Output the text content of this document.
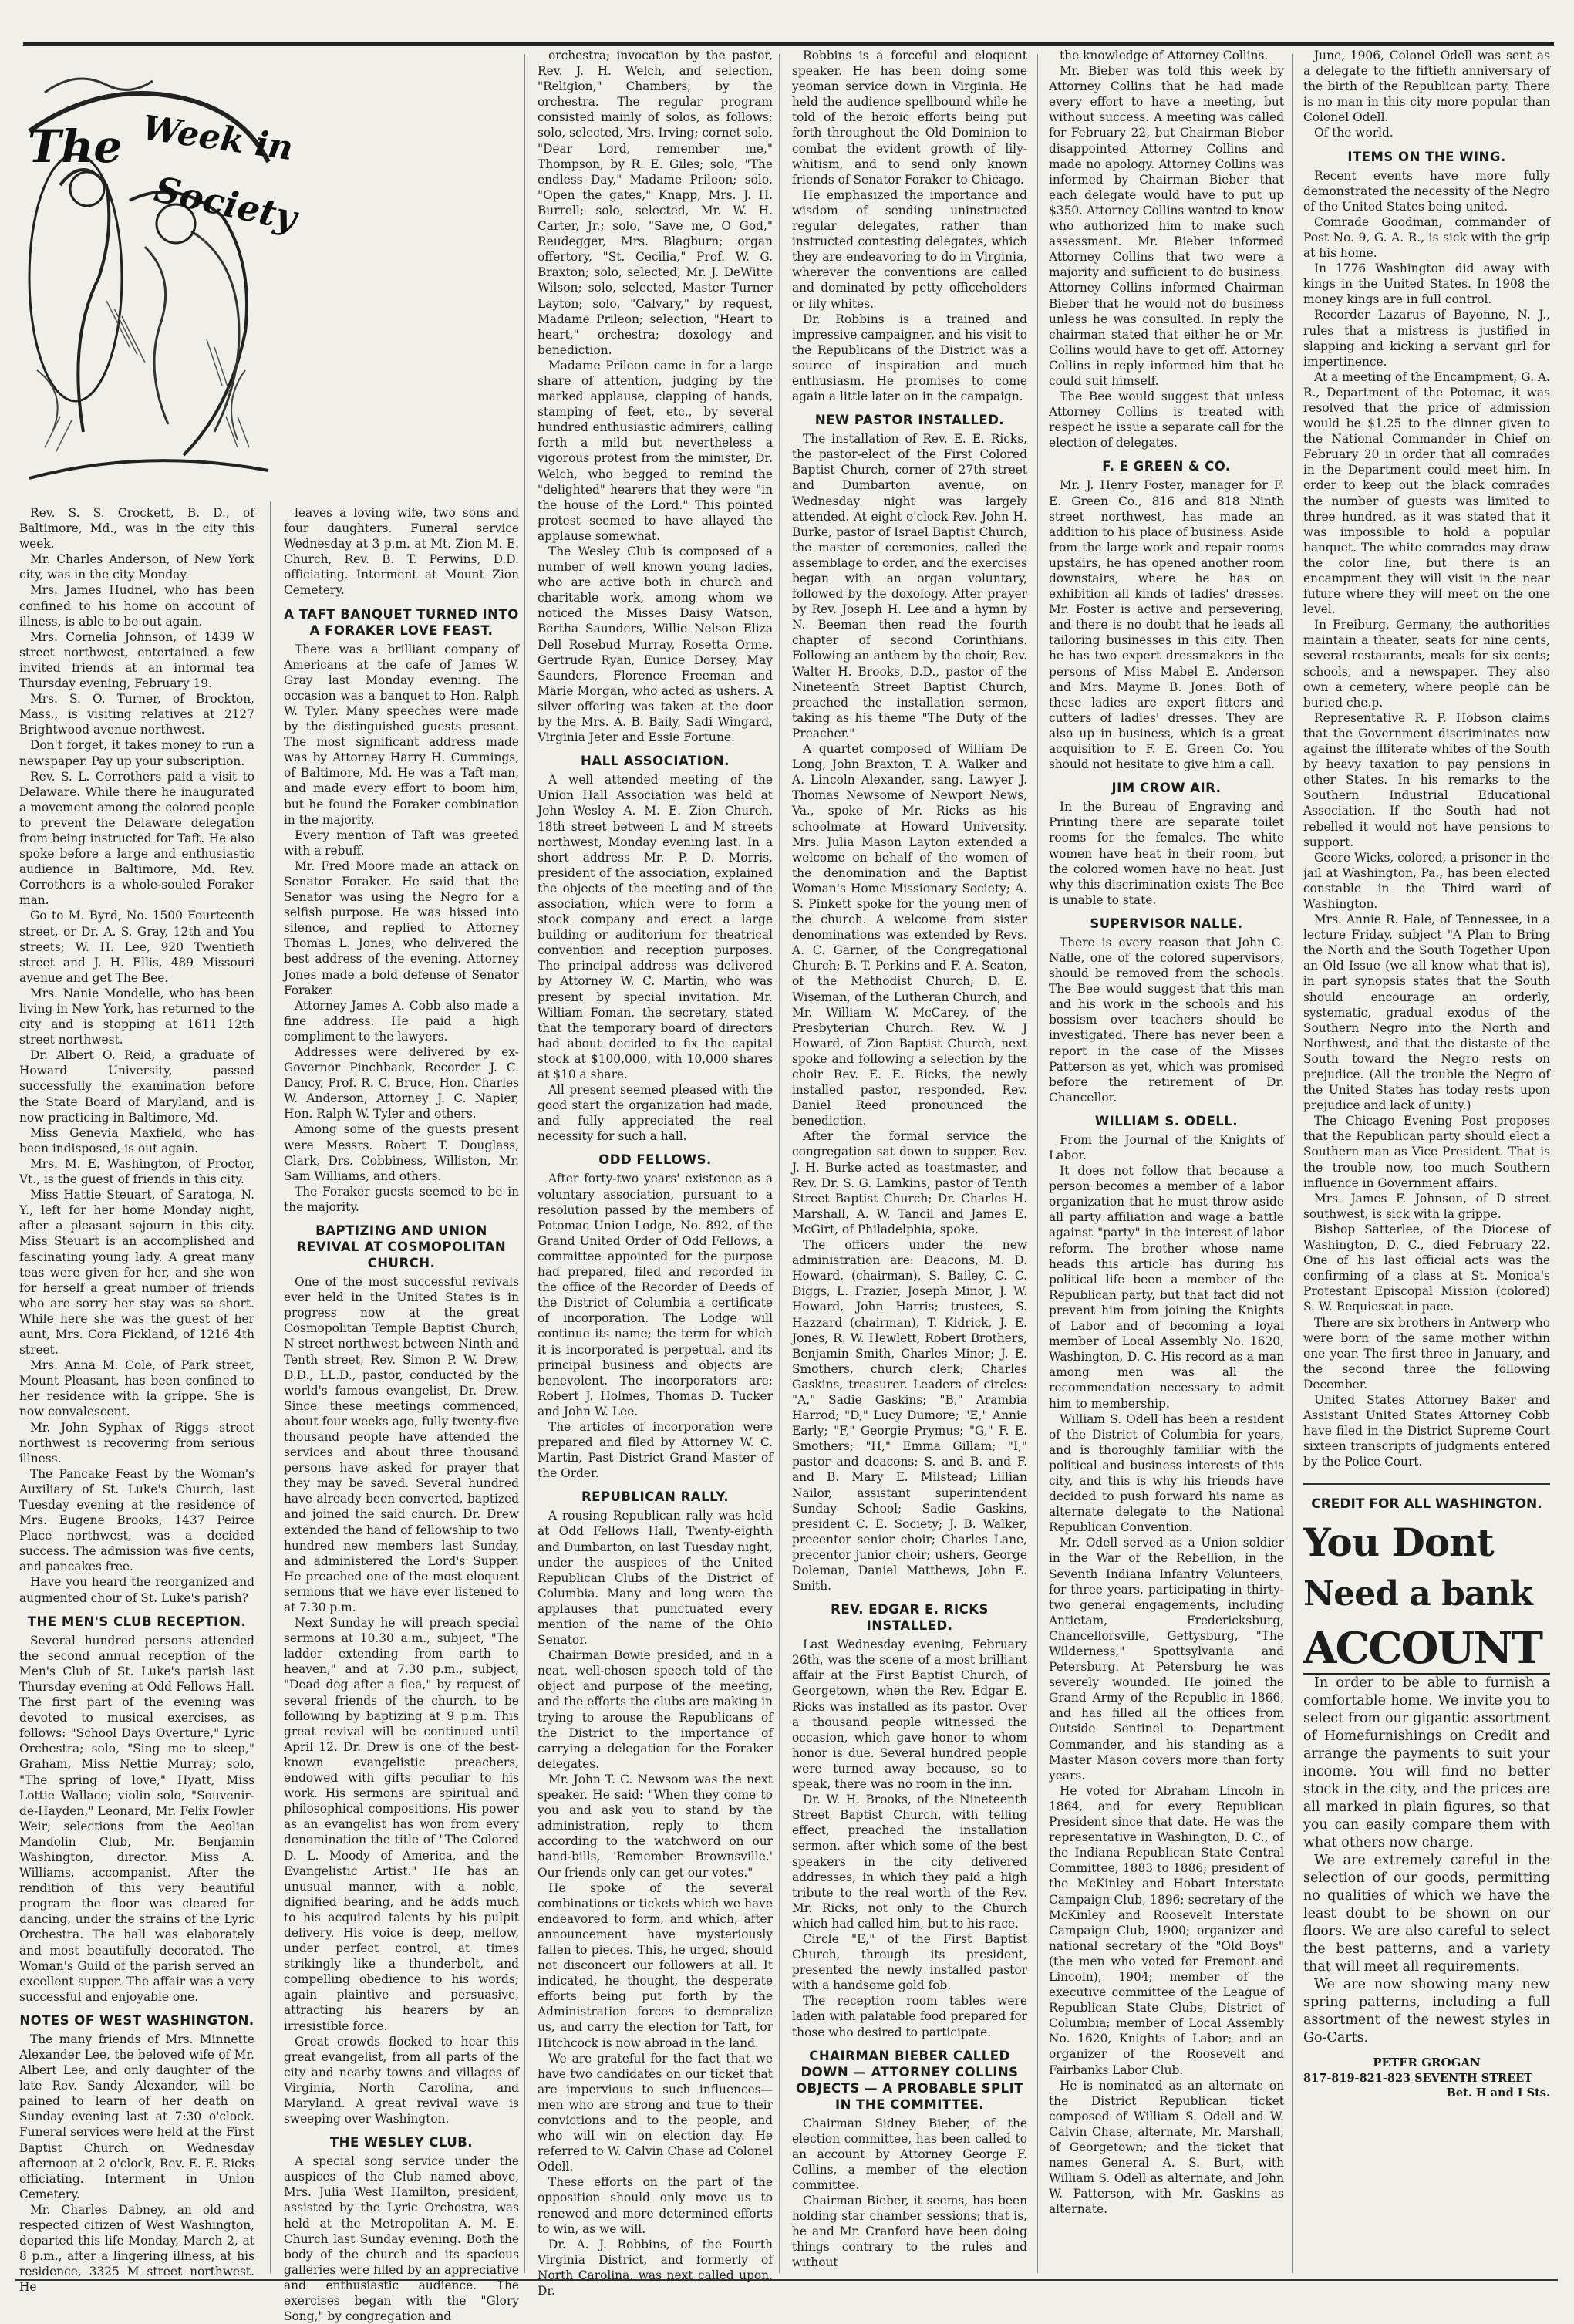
The Week in
Society

Rev. S. S. Crockett, B. D., of Baltimore, Md., was in the city this week.

Mr. Charles Anderson, of New York city, was in the city Monday.

Mrs. James Hudnel, who has been confined to his home on account of illness, is able to be out again.

Mrs. Cornelia Johnson, of 1439 W street northwest, entertained a few invited friends at an informal tea Thursday evening, February 19.

Mrs. S. O. Turner, of Brockton, Mass., is visiting relatives at 2127 Brightwood avenue northwest.

Don't forget, it takes money to run a newspaper. Pay up your subscription.

Rev. S. L. Corrothers paid a visit to Delaware. While there he inaugurated a movement among the colored people to prevent the Delaware delegation from being instructed for Taft. He also spoke before a large and enthusiastic audience in Baltimore, Md. Rev. Corrothers is a whole-souled Foraker man.

Go to M. Byrd, No. 1500 Fourteenth street, or Dr. A. S. Gray, 12th and You streets; W. H. Lee, 920 Twentieth street and J. H. Ellis, 489 Missouri avenue and get The Bee.

Mrs. Nanie Mondelle, who has been living in New York, has returned to the city and is stopping at 1611 12th street northwest.

Dr. Albert O. Reid, a graduate of Howard University, passed successfully the examination before the State Board of Maryland, and is now practicing in Baltimore, Md.

Miss Genevia Maxfield, who has been indisposed, is out again.

Mrs. M. E. Washington, of Proctor, Vt., is the guest of friends in this city.

Miss Hattie Steuart, of Saratoga, N. Y., left for her home Monday night, after a pleasant sojourn in this city. Miss Steuart is an accomplished and fascinating young lady. A great many teas were given for her, and she won for herself a great number of friends who are sorry her stay was so short. While here she was the guest of her aunt, Mrs. Cora Fickland, of 1216 4th street.

Mrs. Anna M. Cole, of Park street, Mount Pleasant, has been confined to her residence with la grippe. She is now convalescent.

Mr. John Syphax of Riggs street northwest is recovering from serious illness.

The Pancake Feast by the Woman's Auxiliary of St. Luke's Church, last Tuesday evening at the residence of Mrs. Eugene Brooks, 1437 Peirce Place northwest, was a decided success. The admission was five cents, and pancakes free.

Have you heard the reorganized and augmented choir of St. Luke's parish?

THE MEN'S CLUB RECEPTION.

Several hundred persons attended the second annual reception of the Men's Club of St. Luke's parish last Thursday evening at Odd Fellows Hall. The first part of the evening was devoted to musical exercises, as follows: "School Days Overture," Lyric Orchestra; solo, "Sing me to sleep," Graham, Miss Nettie Murray; solo, "The spring of love," Hyatt, Miss Lottie Wallace; violin solo, "Souvenir-de-Hayden," Leonard, Mr. Felix Fowler Weir; selections from the Aeolian Mandolin Club, Mr. Benjamin Washington, director. Miss A. Williams, accompanist. After the rendition of this very beautiful program the floor was cleared for dancing, under the strains of the Lyric Orchestra. The hall was elaborately and most beautifully decorated. The Woman's Guild of the parish served an excellent supper. The affair was a very successful and enjoyable one.

NOTES OF WEST WASHINGTON.

The many friends of Mrs. Minnette Alexander Lee, the beloved wife of Mr. Albert Lee, and only daughter of the late Rev. Sandy Alexander, will be pained to learn of her death on Sunday evening last at 7:30 o'clock. Funeral services were held at the First Baptist Church on Wednesday afternoon at 2 o'clock, Rev. E. E. Ricks officiating. Interment in Union Cemetery.

Mr. Charles Dabney, an old and respected citizen of West Washington, departed this life Monday, March 2, at 8 p.m., after a lingering illness, at his residence, 3325 M street northwest. He

leaves a loving wife, two sons and four daughters. Funeral service Wednesday at 3 p.m. at Mt. Zion M. E. Church, Rev. B. T. Perwins, D.D. officiating. Interment at Mount Zion Cemetery.

A TAFT BANQUET TURNED INTO A FORAKER LOVE FEAST.

There was a brilliant company of Americans at the cafe of James W. Gray last Monday evening. The occasion was a banquet to Hon. Ralph W. Tyler. Many speeches were made by the distinguished guests present. The most significant address made was by Attorney Harry H. Cummings, of Baltimore, Md. He was a Taft man, and made every effort to boom him, but he found the Foraker combination in the majority.

Every mention of Taft was greeted with a rebuff.

Mr. Fred Moore made an attack on Senator Foraker. He said that the Senator was using the Negro for a selfish purpose. He was hissed into silence, and replied to Attorney Thomas L. Jones, who delivered the best address of the evening. Attorney Jones made a bold defense of Senator Foraker.

Attorney James A. Cobb also made a fine address. He paid a high compliment to the lawyers.

Addresses were delivered by ex-Governor Pinchback, Recorder J. C. Dancy, Prof. R. C. Bruce, Hon. Charles W. Anderson, Attorney J. C. Napier, Hon. Ralph W. Tyler and others.

Among some of the guests present were Messrs. Robert T. Douglass, Clark, Drs. Cobbiness, Williston, Mr. Sam Williams, and others.

The Foraker guests seemed to be in the majority.

BAPTIZING AND UNION REVIVAL AT COSMOPOLITAN CHURCH.

One of the most successful revivals ever held in the United States is in progress now at the great Cosmopolitan Temple Baptist Church, N street northwest between Ninth and Tenth street, Rev. Simon P. W. Drew, D.D., LL.D., pastor, conducted by the world's famous evangelist, Dr. Drew. Since these meetings commenced, about four weeks ago, fully twenty-five thousand people have attended the services and about three thousand persons have asked for prayer that they may be saved. Several hundred have already been converted, baptized and joined the said church. Dr. Drew extended the hand of fellowship to two hundred new members last Sunday, and administered the Lord's Supper. He preached one of the most eloquent sermons that we have ever listened to at 7.30 p.m.

Next Sunday he will preach special sermons at 10.30 a.m., subject, "The ladder extending from earth to heaven," and at 7.30 p.m., subject, "Dead dog after a flea," by request of several friends of the church, to be following by baptizing at 9 p.m. This great revival will be continued until April 12. Dr. Drew is one of the best-known evangelistic preachers, endowed with gifts peculiar to his work. His sermons are spiritual and philosophical compositions. His power as an evangelist has won from every denomination the title of "The Colored D. L. Moody of America, and the Evangelistic Artist." He has an unusual manner, with a noble, dignified bearing, and he adds much to his acquired talents by his pulpit delivery. His voice is deep, mellow, under perfect control, at times strikingly like a thunderbolt, and compelling obedience to his words; again plaintive and persuasive, attracting his hearers by an irresistible force.

Great crowds flocked to hear this great evangelist, from all parts of the city and nearby towns and villages of Virginia, North Carolina, and Maryland. A great revival wave is sweeping over Washington.

THE WESLEY CLUB.

A special song service under the auspices of the Club named above, Mrs. Julia West Hamilton, president, assisted by the Lyric Orchestra, was held at the Metropolitan A. M. E. Church last Sunday evening. Both the body of the church and its spacious galleries were filled by an appreciative and enthusiastic audience. The exercises began with the "Glory Song," by congregation and

orchestra; invocation by the pastor, Rev. J. H. Welch, and selection, "Religion," Chambers, by the orchestra. The regular program consisted mainly of solos, as follows: solo, selected, Mrs. Irving; cornet solo, "Dear Lord, remember me," Thompson, by R. E. Giles; solo, "The endless Day," Madame Prileon; solo, "Open the gates," Knapp, Mrs. J. H. Burrell; solo, selected, Mr. W. H. Carter, Jr.; solo, "Save me, O God," Reudegger, Mrs. Blagburn; organ offertory, "St. Cecilia," Prof. W. G. Braxton; solo, selected, Mr. J. DeWitte Wilson; solo, selected, Master Turner Layton; solo, "Calvary," by request, Madame Prileon; selection, "Heart to heart," orchestra; doxology and benediction.

Madame Prileon came in for a large share of attention, judging by the marked applause, clapping of hands, stamping of feet, etc., by several hundred enthusiastic admirers, calling forth a mild but nevertheless a vigorous protest from the minister, Dr. Welch, who begged to remind the "delighted" hearers that they were "in the house of the Lord." This pointed protest seemed to have allayed the applause somewhat.

The Wesley Club is composed of a number of well known young ladies, who are active both in church and charitable work, among whom we noticed the Misses Daisy Watson, Bertha Saunders, Willie Nelson Eliza Dell Rosebud Murray, Rosetta Orme, Gertrude Ryan, Eunice Dorsey, May Saunders, Florence Freeman and Marie Morgan, who acted as ushers. A silver offering was taken at the door by the Mrs. A. B. Baily, Sadi Wingard, Virginia Jeter and Essie Fortune.

HALL ASSOCIATION.

A well attended meeting of the Union Hall Association was held at John Wesley A. M. E. Zion Church, 18th street between L and M streets northwest, Monday evening last. In a short address Mr. P. D. Morris, president of the association, explained the objects of the meeting and of the association, which were to form a stock company and erect a large building or auditorium for theatrical convention and reception purposes. The principal address was delivered by Attorney W. C. Martin, who was present by special invitation. Mr. William Foman, the secretary, stated that the temporary board of directors had about decided to fix the capital stock at $100,000, with 10,000 shares at $10 a share.

All present seemed pleased with the good start the organization had made, and fully appreciated the real necessity for such a hall.

ODD FELLOWS.

After forty-two years' existence as a voluntary association, pursuant to a resolution passed by the members of Potomac Union Lodge, No. 892, of the Grand United Order of Odd Fellows, a committee appointed for the purpose had prepared, filed and recorded in the office of the Recorder of Deeds of the District of Columbia a certificate of incorporation. The Lodge will continue its name; the term for which it is incorporated is perpetual, and its principal business and objects are benevolent. The incorporators are: Robert J. Holmes, Thomas D. Tucker and John W. Lee.

The articles of incorporation were prepared and filed by Attorney W. C. Martin, Past District Grand Master of the Order.

REPUBLICAN RALLY.

A rousing Republican rally was held at Odd Fellows Hall, Twenty-eighth and Dumbarton, on last Tuesday night, under the auspices of the United Republican Clubs of the District of Columbia. Many and long were the applauses that punctuated every mention of the name of the Ohio Senator.

Chairman Bowie presided, and in a neat, well-chosen speech told of the object and purpose of the meeting, and the efforts the clubs are making in trying to arouse the Republicans of the District to the importance of carrying a delegation for the Foraker delegates.

Mr. John T. C. Newsom was the next speaker. He said: "When they come to you and ask you to stand by the administration, reply to them according to the watchword on our hand-bills, 'Remember Brownsville.' Our friends only can get our votes."

He spoke of the several combinations or tickets which we have endeavored to form, and which, after announcement have mysteriously fallen to pieces. This, he urged, should not disconcert our followers at all. It indicated, he thought, the desperate efforts being put forth by the Administration forces to demoralize us, and carry the election for Taft, for Hitchcock is now abroad in the land.

We are grateful for the fact that we have two candidates on our ticket that are impervious to such influences—men who are strong and true to their convictions and to the people, and who will win on election day. He referred to W. Calvin Chase ad Colonel Odell.

These efforts on the part of the opposition should only move us to renewed and more determined efforts to win, as we will.

Dr. A. J. Robbins, of the Fourth Virginia District, and formerly of North Carolina, was next called upon. Dr.

Robbins is a forceful and eloquent speaker. He has been doing some yeoman service down in Virginia. He held the audience spellbound while he told of the heroic efforts being put forth throughout the Old Dominion to combat the evident growth of lily-whitism, and to send only known friends of Senator Foraker to Chicago.

He emphasized the importance and wisdom of sending uninstructed regular delegates, rather than instructed contesting delegates, which they are endeavoring to do in Virginia, wherever the conventions are called and dominated by petty officeholders or lily whites.

Dr. Robbins is a trained and impressive campaigner, and his visit to the Republicans of the District was a source of inspiration and much enthusiasm. He promises to come again a little later on in the campaign.

NEW PASTOR INSTALLED.

The installation of Rev. E. E. Ricks, the pastor-elect of the First Colored Baptist Church, corner of 27th street and Dumbarton avenue, on Wednesday night was largely attended. At eight o'clock Rev. John H. Burke, pastor of Israel Baptist Church, the master of ceremonies, called the assemblage to order, and the exercises began with an organ voluntary, followed by the doxology. After prayer by Rev. Joseph H. Lee and a hymn by N. Beeman then read the fourth chapter of second Corinthians. Following an anthem by the choir, Rev. Walter H. Brooks, D.D., pastor of the Nineteenth Street Baptist Church, preached the installation sermon, taking as his theme "The Duty of the Preacher."

A quartet composed of William De Long, John Braxton, T. A. Walker and A. Lincoln Alexander, sang. Lawyer J. Thomas Newsome of Newport News, Va., spoke of Mr. Ricks as his schoolmate at Howard University. Mrs. Julia Mason Layton extended a welcome on behalf of the women of the denomination and the Baptist Woman's Home Missionary Society; A. S. Pinkett spoke for the young men of the church. A welcome from sister denominations was extended by Revs. A. C. Garner, of the Congregational Church; B. T. Perkins and F. A. Seaton, of the Methodist Church; D. E. Wiseman, of the Lutheran Church, and Mr. William W. McCarey, of the Presbyterian Church. Rev. W. J Howard, of Zion Baptist Church, next spoke and following a selection by the choir Rev. E. E. Ricks, the newly installed pastor, responded. Rev. Daniel Reed pronounced the benediction.

After the formal service the congregation sat down to supper. Rev. J. H. Burke acted as toastmaster, and Rev. Dr. S. G. Lamkins, pastor of Tenth Street Baptist Church; Dr. Charles H. Marshall, A. W. Tancil and James E. McGirt, of Philadelphia, spoke.

The officers under the new administration are: Deacons, M. D. Howard, (chairman), S. Bailey, C. C. Diggs, L. Frazier, Joseph Minor, J. W. Howard, John Harris; trustees, S. Hazzard (chairman), T. Kidrick, J. E. Jones, R. W. Hewlett, Robert Brothers, Benjamin Smith, Charles Minor; J. E. Smothers, church clerk; Charles Gaskins, treasurer. Leaders of circles: "A," Sadie Gaskins; "B," Arambia Harrod; "D," Lucy Dumore; "E," Annie Early; "F," Georgie Prymus; "G," F. E. Smothers; "H," Emma Gillam; "I," pastor and deacons; S. and B. and F. and B. Mary E. Milstead; Lillian Nailor, assistant superintendent Sunday School; Sadie Gaskins, president C. E. Society; J. B. Walker, precentor senior choir; Charles Lane, precentor junior choir; ushers, George Doleman, Daniel Matthews, John E. Smith.

REV. EDGAR E. RICKS INSTALLED.

Last Wednesday evening, February 26th, was the scene of a most brilliant affair at the First Baptist Church, of Georgetown, when the Rev. Edgar E. Ricks was installed as its pastor. Over a thousand people witnessed the occasion, which gave honor to whom honor is due. Several hundred people were turned away because, so to speak, there was no room in the inn.

Dr. W. H. Brooks, of the Nineteenth Street Baptist Church, with telling effect, preached the installation sermon, after which some of the best speakers in the city delivered addresses, in which they paid a high tribute to the real worth of the Rev. Mr. Ricks, not only to the Church which had called him, but to his race.

Circle "E," of the First Baptist Church, through its president, presented the newly installed pastor with a handsome gold fob.

The reception room tables were laden with palatable food prepared for those who desired to participate.

CHAIRMAN BIEBER CALLED DOWN — ATTORNEY COLLINS OBJECTS — A PROBABLE SPLIT IN THE COMMITTEE.

Chairman Sidney Bieber, of the election committee, has been called to an account by Attorney George F. Collins, a member of the election committee.

Chairman Bieber, it seems, has been holding star chamber sessions; that is, he and Mr. Cranford have been doing things contrary to the rules and without

the knowledge of Attorney Collins.

Mr. Bieber was told this week by Attorney Collins that he had made every effort to have a meeting, but without success. A meeting was called for February 22, but Chairman Bieber disappointed Attorney Collins and made no apology. Attorney Collins was informed by Chairman Bieber that each delegate would have to put up $350. Attorney Collins wanted to know who authorized him to make such assessment. Mr. Bieber informed Attorney Collins that two were a majority and sufficient to do business. Attorney Collins informed Chairman Bieber that he would not do business unless he was consulted. In reply the chairman stated that either he or Mr. Collins would have to get off. Attorney Collins in reply informed him that he could suit himself.

The Bee would suggest that unless Attorney Collins is treated with respect he issue a separate call for the election of delegates.

F. E GREEN & CO.

Mr. J. Henry Foster, manager for F. E. Green Co., 816 and 818 Ninth street northwest, has made an addition to his place of business. Aside from the large work and repair rooms upstairs, he has opened another room downstairs, where he has on exhibition all kinds of ladies' dresses. Mr. Foster is active and persevering, and there is no doubt that he leads all tailoring businesses in this city. Then he has two expert dressmakers in the persons of Miss Mabel E. Anderson and Mrs. Mayme B. Jones. Both of these ladies are expert fitters and cutters of ladies' dresses. They are also up in business, which is a great acquisition to F. E. Green Co. You should not hesitate to give him a call.

JIM CROW AIR.

In the Bureau of Engraving and Printing there are separate toilet rooms for the females. The white women have heat in their room, but the colored women have no heat. Just why this discrimination exists The Bee is unable to state.

SUPERVISOR NALLE.

There is every reason that John C. Nalle, one of the colored supervisors, should be removed from the schools. The Bee would suggest that this man and his work in the schools and his bossism over teachers should be investigated. There has never been a report in the case of the Misses Patterson as yet, which was promised before the retirement of Dr. Chancellor.

WILLIAM S. ODELL.

From the Journal of the Knights of Labor.

It does not follow that because a person becomes a member of a labor organization that he must throw aside all party affiliation and wage a battle against "party" in the interest of labor reform. The brother whose name heads this article has during his political life been a member of the Republican party, but that fact did not prevent him from joining the Knights of Labor and of becoming a loyal member of Local Assembly No. 1620, Washington, D. C. His record as a man among men was all the recommendation necessary to admit him to membership.

William S. Odell has been a resident of the District of Columbia for years, and is thoroughly familiar with the political and business interests of this city, and this is why his friends have decided to push forward his name as alternate delegate to the National Republican Convention.

Mr. Odell served as a Union soldier in the War of the Rebellion, in the Seventh Indiana Infantry Volunteers, for three years, participating in thirty-two general engagements, including Antietam, Fredericksburg, Chancellorsville, Gettysburg, "The Wilderness," Spottsylvania and Petersburg. At Petersburg he was severely wounded. He joined the Grand Army of the Republic in 1866, and has filled all the offices from Outside Sentinel to Department Commander, and his standing as a Master Mason covers more than forty years.

He voted for Abraham Lincoln in 1864, and for every Republican President since that date. He was the representative in Washington, D. C., of the Indiana Republican State Central Committee, 1883 to 1886; president of the McKinley and Hobart Interstate Campaign Club, 1896; secretary of the McKinley and Roosevelt Interstate Campaign Club, 1900; organizer and national secretary of the "Old Boys" (the men who voted for Fremont and Lincoln), 1904; member of the executive committee of the League of Republican State Clubs, District of Columbia; member of Local Assembly No. 1620, Knights of Labor; and an organizer of the Roosevelt and Fairbanks Labor Club.

He is nominated as an alternate on the District Republican ticket composed of William S. Odell and W. Calvin Chase, alternate, Mr. Marshall, of Georgetown; and the ticket that names General A. S. Burt, with William S. Odell as alternate, and John W. Patterson, with Mr. Gaskins as alternate.

June, 1906, Colonel Odell was sent as a delegate to the fiftieth anniversary of the birth of the Republican party. There is no man in this city more popular than Colonel Odell.

Of the world.

ITEMS ON THE WING.

Recent events have more fully demonstrated the necessity of the Negro of the United States being united.

Comrade Goodman, commander of Post No. 9, G. A. R., is sick with the grip at his home.

In 1776 Washington did away with kings in the United States. In 1908 the money kings are in full control.

Recorder Lazarus of Bayonne, N. J., rules that a mistress is justified in slapping and kicking a servant girl for impertinence.

At a meeting of the Encampment, G. A. R., Department of the Potomac, it was resolved that the price of admission would be $1.25 to the dinner given to the National Commander in Chief on February 20 in order that all comrades in the Department could meet him. In order to keep out the black comrades the number of guests was limited to three hundred, as it was stated that it was impossible to hold a popular banquet. The white comrades may draw the color line, but there is an encampment they will visit in the near future where they will meet on the one level.

In Freiburg, Germany, the authorities maintain a theater, seats for nine cents, several restaurants, meals for six cents; schools, and a newspaper. They also own a cemetery, where people can be buried che.p.

Representative R. P. Hobson claims that the Government discriminates now against the illiterate whites of the South by heavy taxation to pay pensions in other States. In his remarks to the Southern Industrial Educational Association. If the South had not rebelled it would not have pensions to support.

Geore Wicks, colored, a prisoner in the jail at Washington, Pa., has been elected constable in the Third ward of Washington.

Mrs. Annie R. Hale, of Tennessee, in a lecture Friday, subject "A Plan to Bring the North and the South Together Upon an Old Issue (we all know what that is), in part synopsis states that the South should encourage an orderly, systematic, gradual exodus of the Southern Negro into the North and Northwest, and that the distaste of the South toward the Negro rests on prejudice. (All the trouble the Negro of the United States has today rests upon prejudice and lack of unity.)

The Chicago Evening Post proposes that the Republican party should elect a Southern man as Vice President. That is the trouble now, too much Southern influence in Government affairs.

Mrs. James F. Johnson, of D street southwest, is sick with la grippe.

Bishop Satterlee, of the Diocese of Washington, D. C., died February 22. One of his last official acts was the confirming of a class at St. Monica's Protestant Episcopal Mission (colored) S. W. Requiescat in pace.

There are six brothers in Antwerp who were born of the same mother within one year. The first three in January, and the second three the following December.

United States Attorney Baker and Assistant United States Attorney Cobb have filed in the District Supreme Court sixteen transcripts of judgments entered by the Police Court.

CREDIT FOR ALL WASHINGTON.
You Dont
Need a bank
ACCOUNT

In order to be able to furnish a comfortable home. We invite you to select from our gigantic assortment of Homefurnishings on Credit and arrange the payments to suit your income. You will find no better stock in the city, and the prices are all marked in plain figures, so that you can easily compare them with what others now charge.

We are extremely careful in the selection of our goods, permitting no qualities of which we have the least doubt to be shown on our floors. We are also careful to select the best patterns, and a variety that will meet all requirements.

We are now showing many new spring patterns, including a full assortment of the newest styles in Go-Carts.

PETER GROGAN
817-819-821-823 SEVENTH STREET
Bet. H and I Sts.
